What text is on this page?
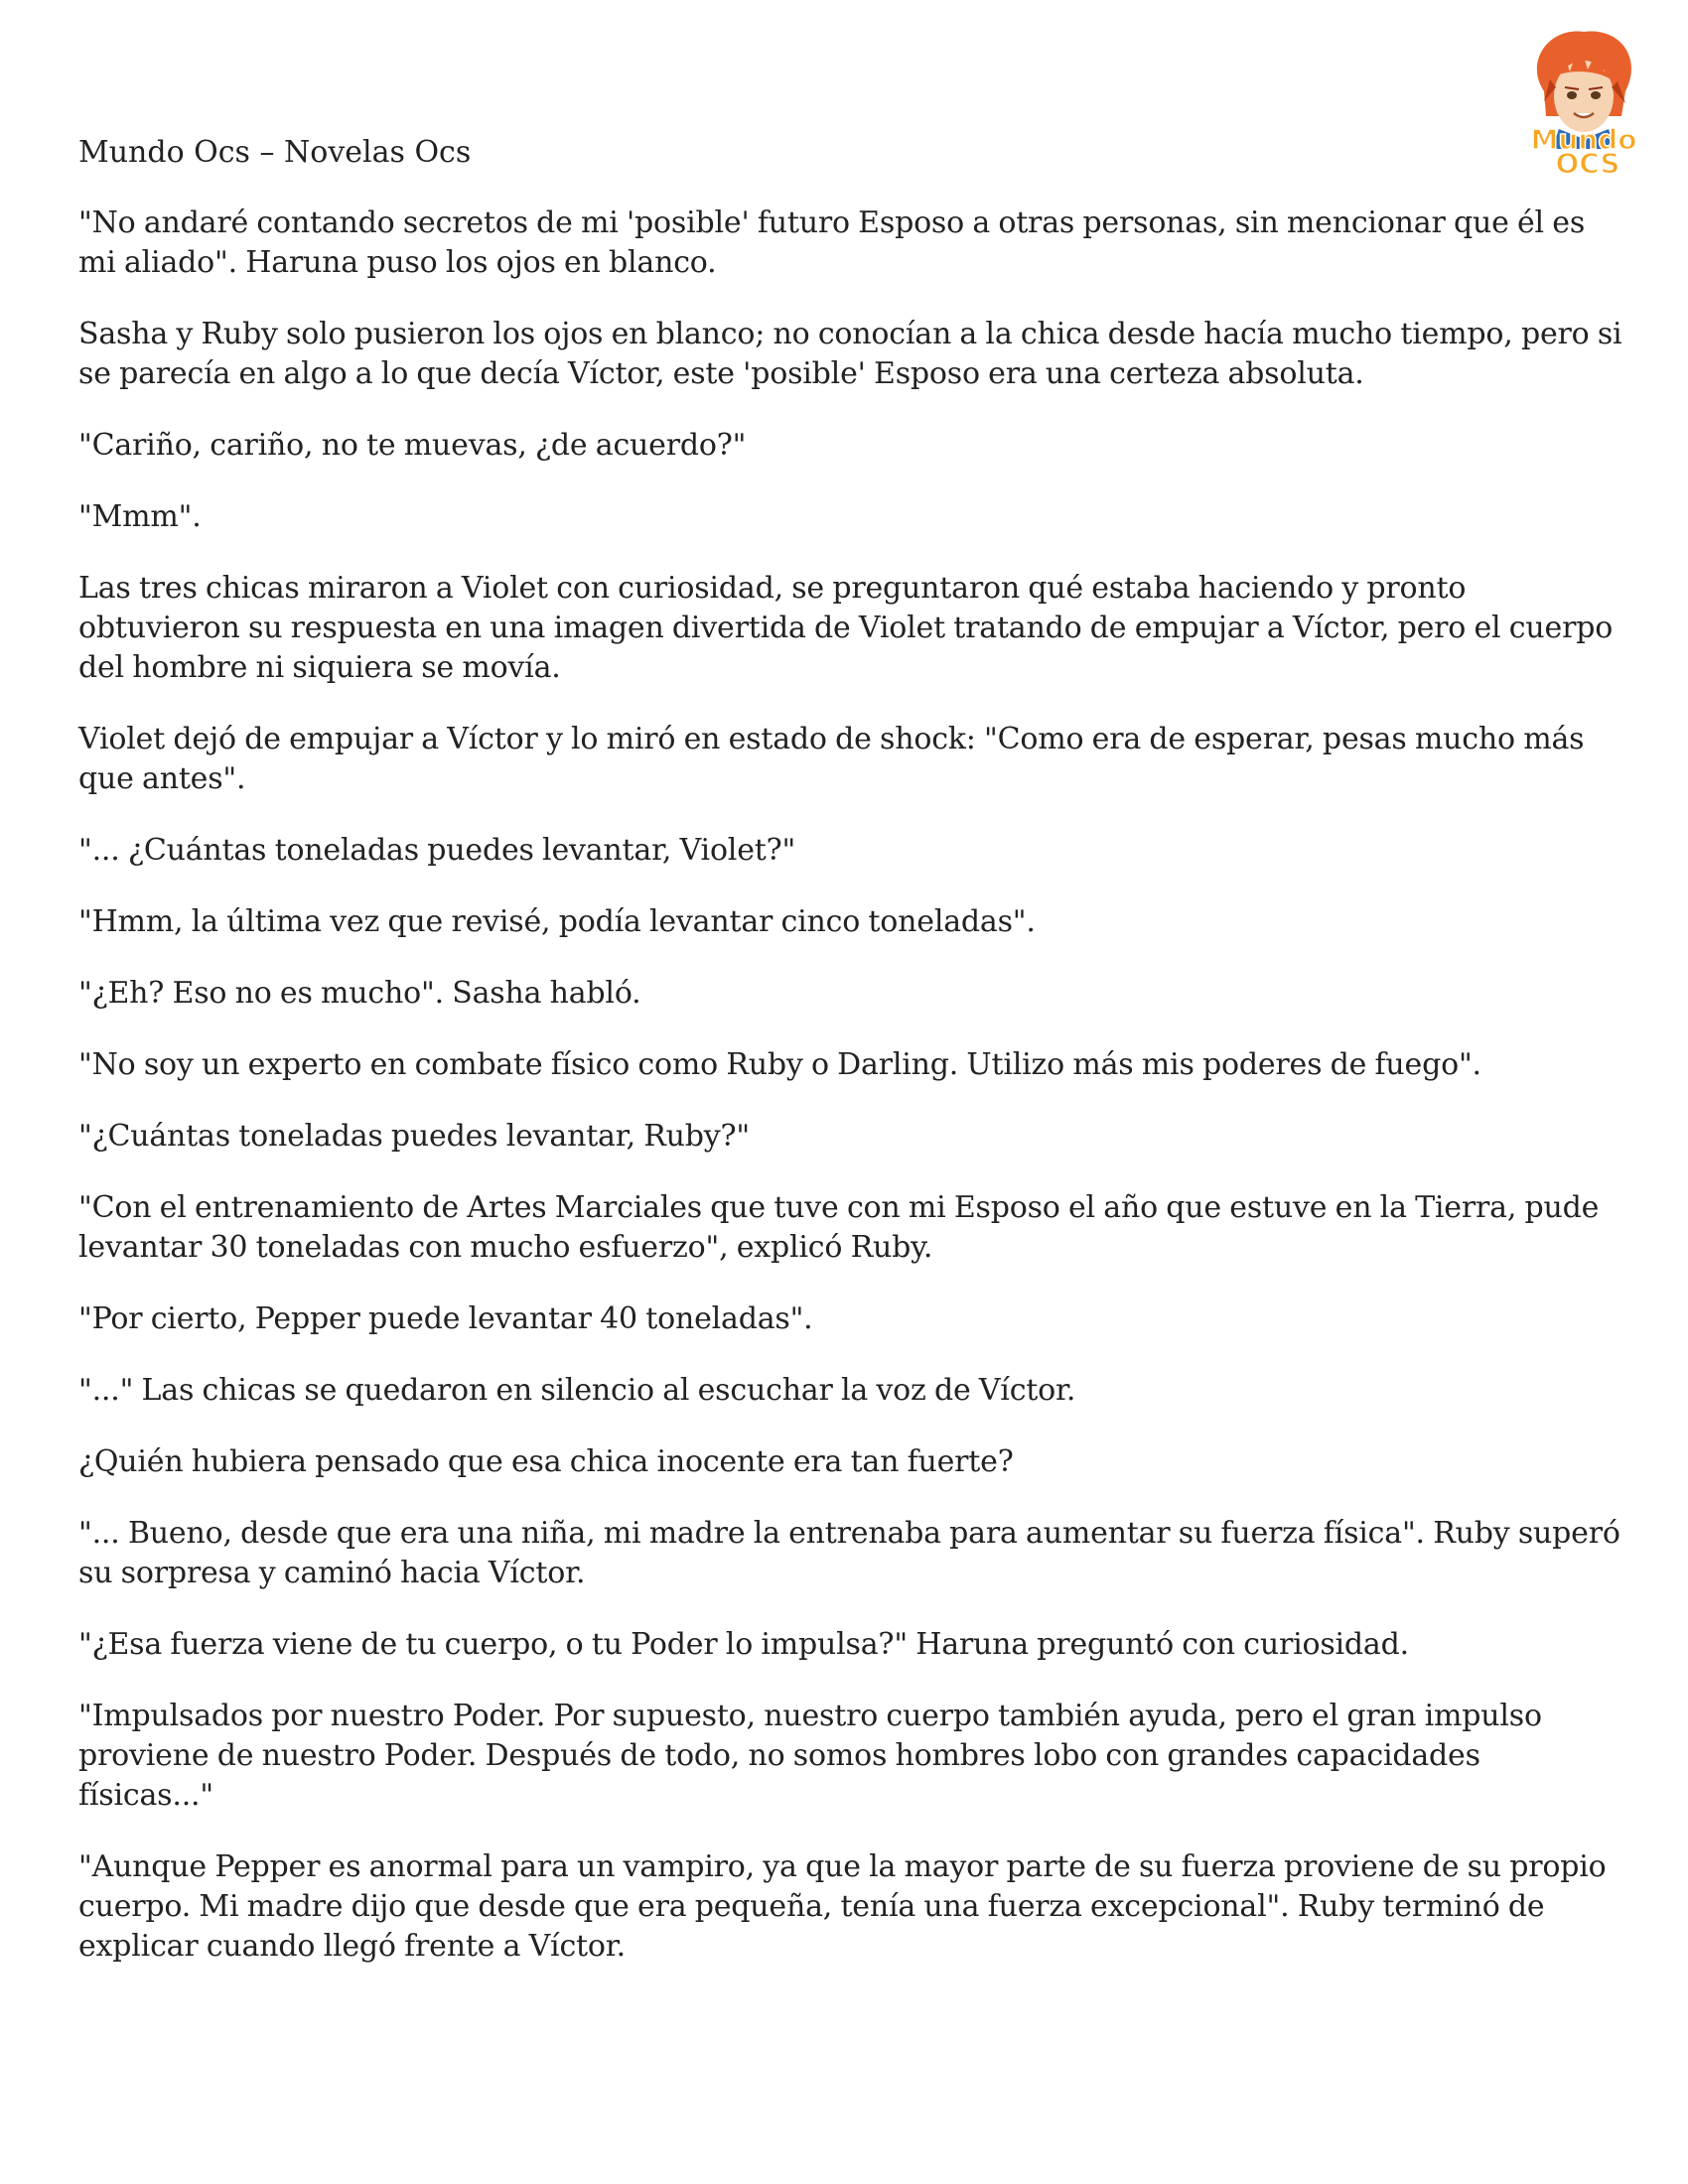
Mundo Ocs – Novelas Ocs	Mundo
OCS

"No andaré contando secretos de mi 'posible' futuro Esposo a otras personas, sin mencionar que él es mi aliado". Haruna puso los ojos en blanco.

Sasha y Ruby solo pusieron los ojos en blanco; no conocían a la chica desde hacía mucho tiempo, pero si se parecía en algo a lo que decía Víctor, este 'posible' Esposo era una certeza absoluta.

"Cariño, cariño, no te muevas, ¿de acuerdo?"

"Mmm".

Las tres chicas miraron a Violet con curiosidad, se preguntaron qué estaba haciendo y pronto obtuvieron su respuesta en una imagen divertida de Violet tratando de empujar a Víctor, pero el cuerpo del hombre ni siquiera se movía.

Violet dejó de empujar a Víctor y lo miró en estado de shock: "Como era de esperar, pesas mucho más que antes".

"... ¿Cuántas toneladas puedes levantar, Violet?"

"Hmm, la última vez que revisé, podía levantar cinco toneladas".

"¿Eh? Eso no es mucho". Sasha habló.

"No soy un experto en combate físico como Ruby o Darling. Utilizo más mis poderes de fuego".

"¿Cuántas toneladas puedes levantar, Ruby?"

"Con el entrenamiento de Artes Marciales que tuve con mi Esposo el año que estuve en la Tierra, pude levantar 30 toneladas con mucho esfuerzo", explicó Ruby.

"Por cierto, Pepper puede levantar 40 toneladas".

"..." Las chicas se quedaron en silencio al escuchar la voz de Víctor.

¿Quién hubiera pensado que esa chica inocente era tan fuerte?

"... Bueno, desde que era una niña, mi madre la entrenaba para aumentar su fuerza física". Ruby superó su sorpresa y caminó hacia Víctor.

"¿Esa fuerza viene de tu cuerpo, o tu Poder lo impulsa?" Haruna preguntó con curiosidad.

"Impulsados por nuestro Poder. Por supuesto, nuestro cuerpo también ayuda, pero el gran impulso proviene de nuestro Poder. Después de todo, no somos hombres lobo con grandes capacidades físicas..."

"Aunque Pepper es anormal para un vampiro, ya que la mayor parte de su fuerza proviene de su propio cuerpo. Mi madre dijo que desde que era pequeña, tenía una fuerza excepcional". Ruby terminó de explicar cuando llegó frente a Víctor.
